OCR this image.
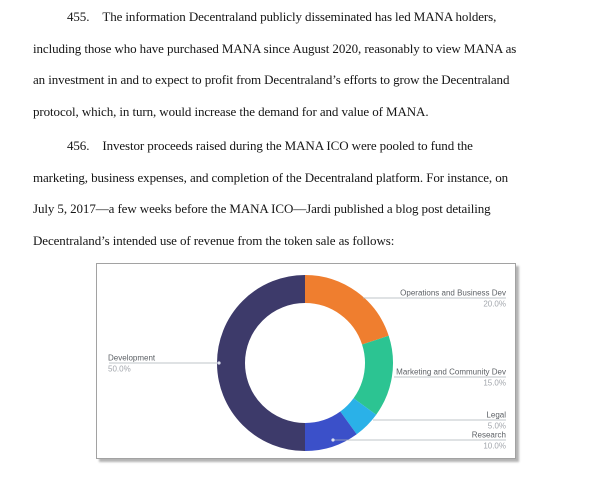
455. The information Decentraland publicly disseminated has led MANA holders,
including those who have purchased MANA since August 2020, reasonably to view MANA as
an investment in and to expect to profit from Decentraland’s efforts to grow the Decentraland
protocol, which, in turn, would increase the demand for and value of MANA.
456. Investor proceeds raised during the MANA ICO were pooled to fund the
marketing, business expenses, and completion of the Decentraland platform. For instance, on
July 5, 2017—a few weeks before the MANA ICO—Jardi published a blog post detailing
Decentraland’s intended use of revenue from the token sale as follows:
Operations and Business Dev
20.0%
Marketing and Community Dev
15.0%
Legal
5.0%
Research
10.0%
Development
50.0%
